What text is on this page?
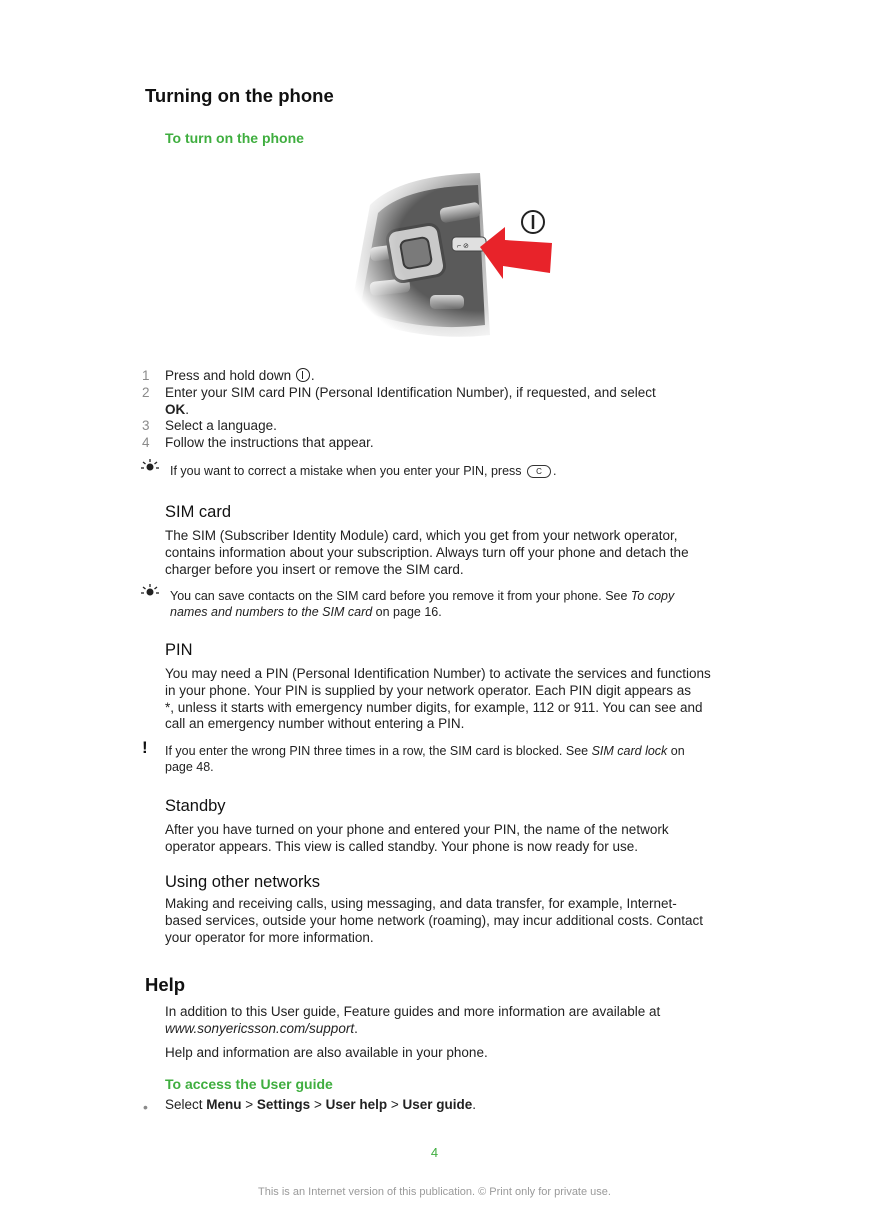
Turning on the phone
To turn on the phone
1	Press and hold down .
2	Enter your SIM card PIN (Personal Identification Number), if requested, and select
OK.
3	Select a language.
4	Follow the instructions that appear.
If you want to correct a mistake when you enter your PIN, press C .
SIM card
The SIM (Subscriber Identity Module) card, which you get from your network operator,
contains information about your subscription. Always turn off your phone and detach the
charger before you insert or remove the SIM card.
You can save contacts on the SIM card before you remove it from your phone. See To copy
names and numbers to the SIM card on page 16.
PIN
You may need a PIN (Personal Identification Number) to activate the services and functions
in your phone. Your PIN is supplied by your network operator. Each PIN digit appears as
*, unless it starts with emergency number digits, for example, 112 or 911. You can see and
call an emergency number without entering a PIN.
! If you enter the wrong PIN three times in a row, the SIM card is blocked. See SIM card lock on
page 48.
Standby
After you have turned on your phone and entered your PIN, the name of the network
operator appears. This view is called standby. Your phone is now ready for use.
Using other networks
Making and receiving calls, using messaging, and data transfer, for example, Internet-
based services, outside your home network (roaming), may incur additional costs. Contact
your operator for more information.
Help
In addition to this User guide, Feature guides and more information are available at
www.sonyericsson.com/support.
Help and information are also available in your phone.
To access the User guide
• Select Menu > Settings > User help > User guide.
4
This is an Internet version of this publication. © Print only for private use.
